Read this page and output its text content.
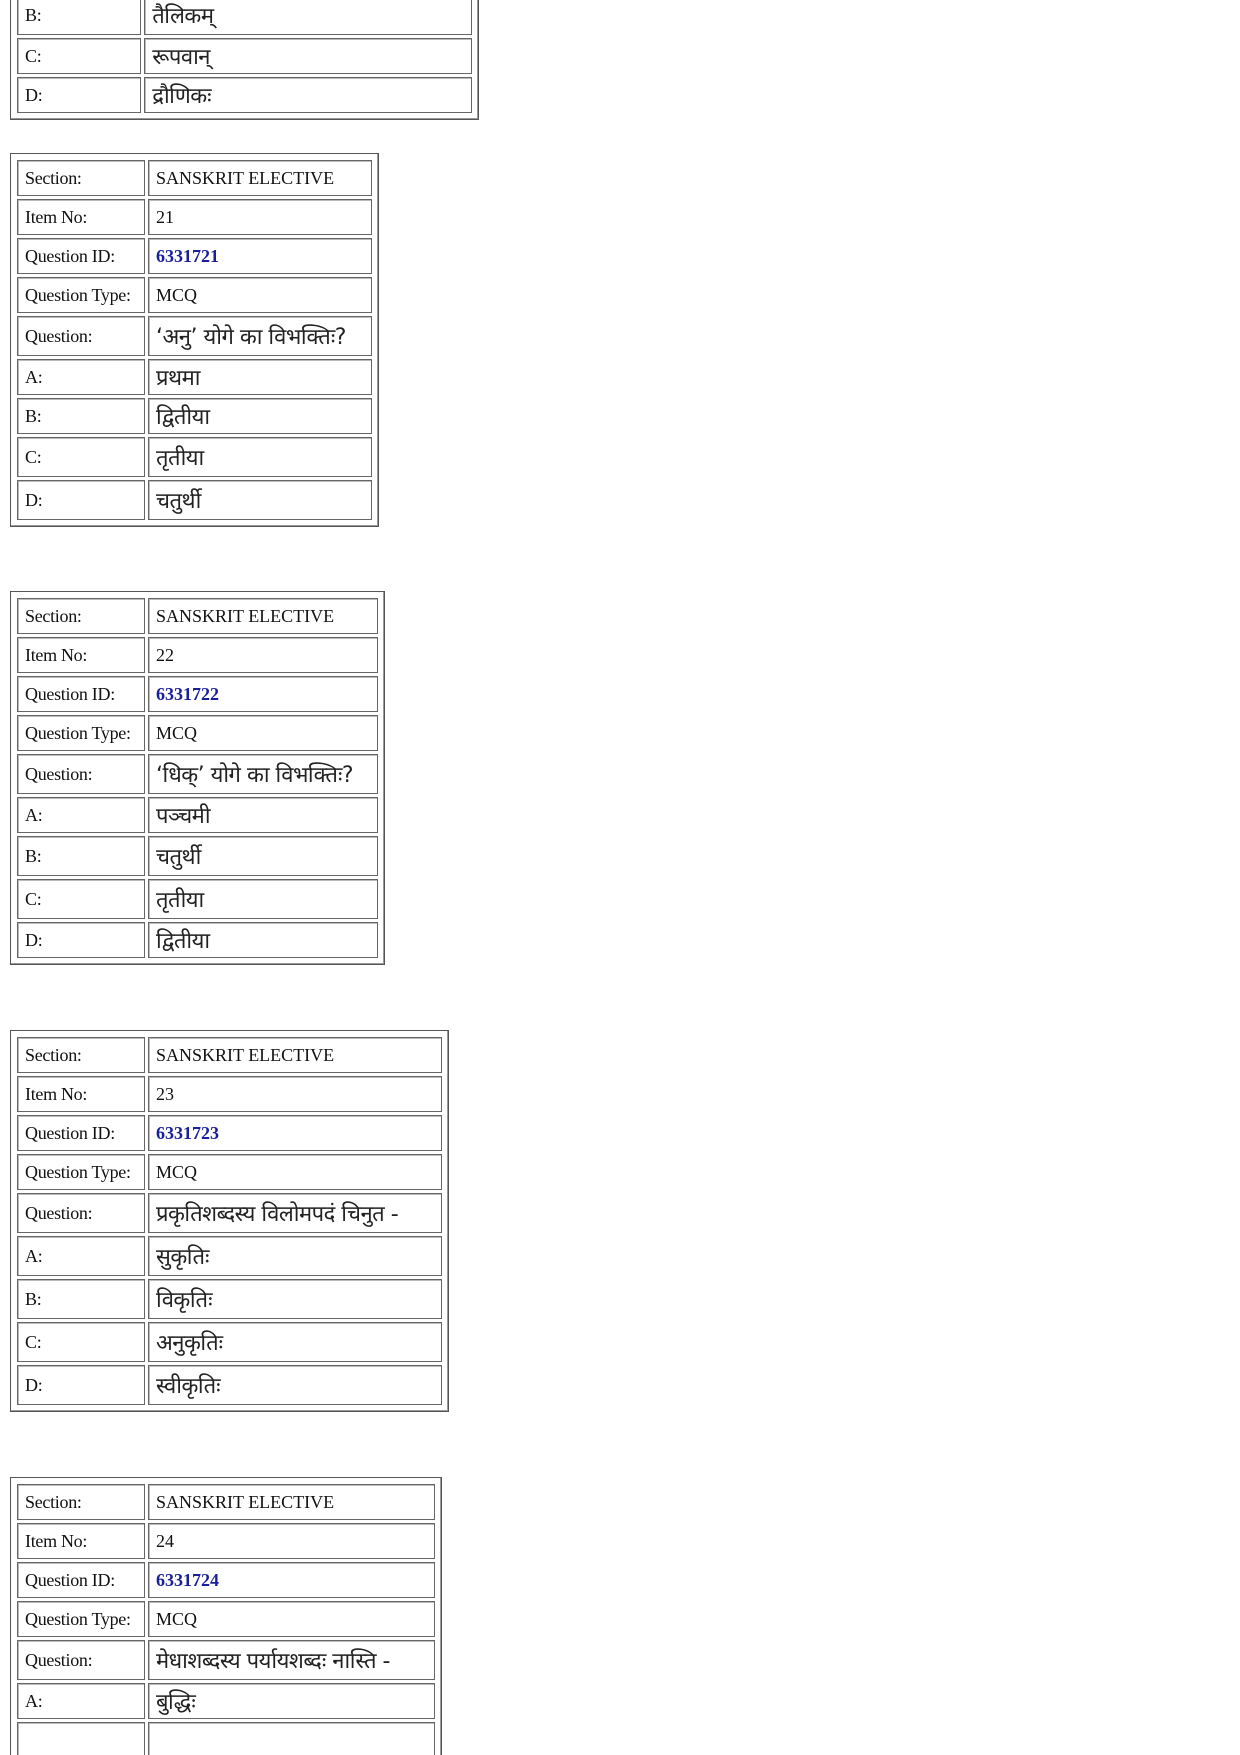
B:	तैलिकम्
C:	रूपवान्
D:	द्रौणिकः
Section:	SANSKRIT ELECTIVE
Item No:	21
Question ID:	6331721
Question Type:	MCQ
Question:	‘अनु’ योगे का विभक्तिः?
A:	प्रथमा
B:	द्वितीया
C:	तृतीया
D:	चतुर्थी
Section:	SANSKRIT ELECTIVE
Item No:	22
Question ID:	6331722
Question Type:	MCQ
Question:	‘धिक्’ योगे का विभक्तिः?
A:	पञ्चमी
B:	चतुर्थी
C:	तृतीया
D:	द्वितीया
Section:	SANSKRIT ELECTIVE
Item No:	23
Question ID:	6331723
Question Type:	MCQ
Question:	प्रकृतिशब्दस्य विलोमपदं चिनुत -
A:	सुकृतिः
B:	विकृतिः
C:	अनुकृतिः
D:	स्वीकृतिः
Section:	SANSKRIT ELECTIVE
Item No:	24
Question ID:	6331724
Question Type:	MCQ
Question:	मेधाशब्दस्य पर्यायशब्दः नास्ति -
A:	बुद्धिः
